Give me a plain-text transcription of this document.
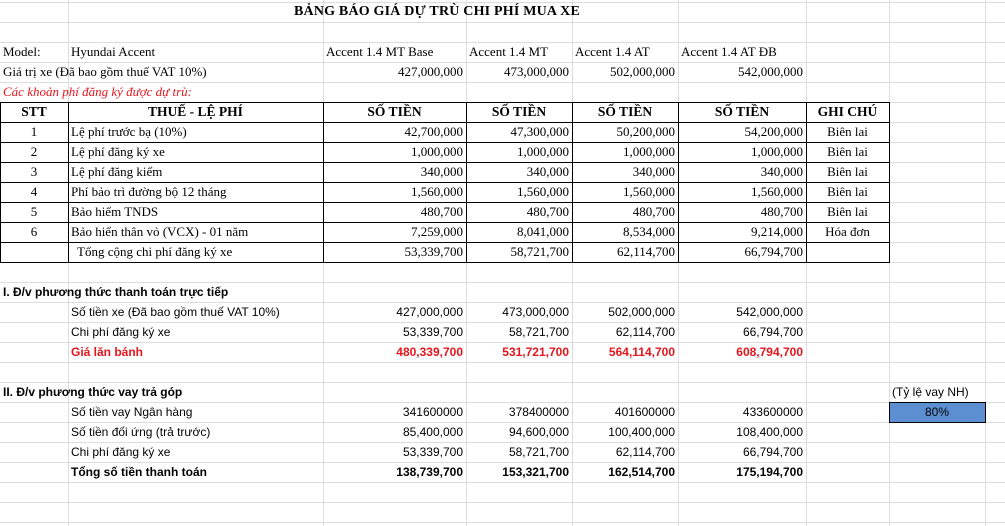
BẢNG BÁO GIÁ DỰ TRÙ CHI PHÍ MUA XE
Model:	Hyundai Accent	Accent 1.4 MT Base	Accent 1.4 MT	Accent 1.4 AT	Accent 1.4 AT ĐB
Giá trị xe (Đã bao gồm thuế VAT 10%)	427,000,000	473,000,000	502,000,000	542,000,000
Các khoản phí đăng ký được dự trù:
STT	THUẾ - LỆ PHÍ	SỐ TIỀN	SỐ TIỀN	SỐ TIỀN	SỐ TIỀN	GHI CHÚ
1	Lệ phí trước bạ (10%)	42,700,000	47,300,000	50,200,000	54,200,000	Biên lai
2	Lệ phí đăng ký xe	1,000,000	1,000,000	1,000,000	1,000,000	Biên lai
3	Lệ phí đăng kiểm	340,000	340,000	340,000	340,000	Biên lai
4	Phí bảo trì đường bộ 12 tháng	1,560,000	1,560,000	1,560,000	1,560,000	Biên lai
5	Bảo hiểm TNDS	480,700	480,700	480,700	480,700	Biên lai
6	Bảo hiển thân vỏ (VCX) - 01 năm	7,259,000	8,041,000	8,534,000	9,214,000	Hóa đơn
Tổng cộng chi phí đăng ký xe	53,339,700	58,721,700	62,114,700	66,794,700
I. Đ/v phương thức thanh toán trực tiếp
Số tiền xe (Đã bao gồm thuế VAT 10%)	427,000,000	473,000,000	502,000,000	542,000,000
Chi phí đăng ký xe	53,339,700	58,721,700	62,114,700	66,794,700
Giá lăn bánh	480,339,700	531,721,700	564,114,700	608,794,700
II. Đ/v phương thức vay trả góp	(Tỷ lệ vay NH)
80%
Số tiền vay Ngân hàng	341600000	378400000	401600000	433600000
Số tiền đối ứng (trả trước)	85,400,000	94,600,000	100,400,000	108,400,000
Chi phí đăng ký xe	53,339,700	58,721,700	62,114,700	66,794,700
Tổng số tiền thanh toán	138,739,700	153,321,700	162,514,700	175,194,700
